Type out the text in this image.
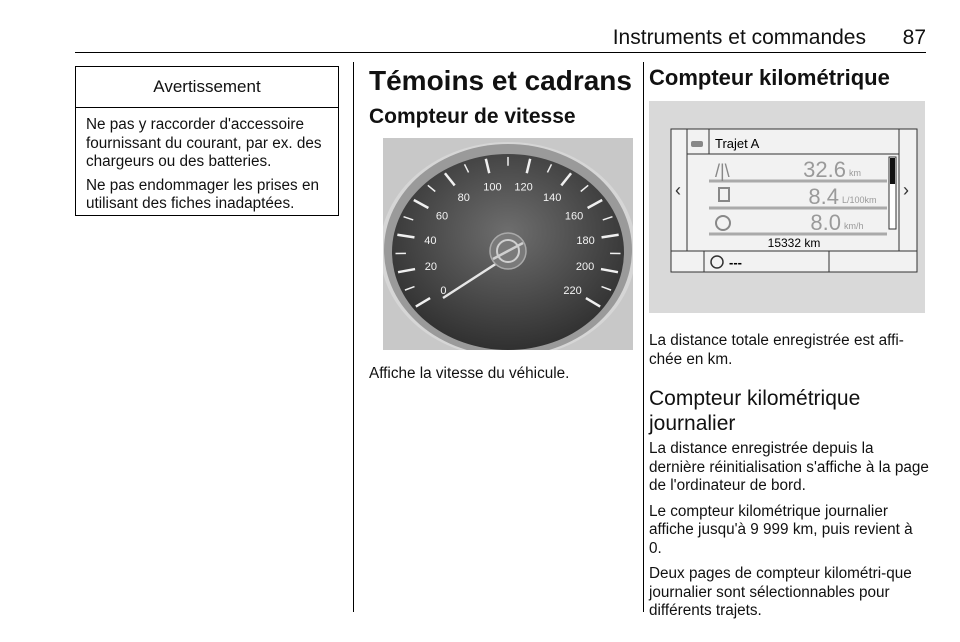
Instruments et commandes 87
Avertissement

Ne pas y raccorder d'accessoire fournissant du courant, par ex. des chargeurs ou des batteries.

Ne pas endommager les prises en utilisant des fiches inadaptées.

Témoins et cadrans
Compteur de vitesse
0
20
40
60
80
100 120
140
160
180
200
220
Affiche la vitesse du véhicule.
Compteur kilométrique
Trajet A
‹	›
/|\	32.6 km
8.4 L/100km
8.0 km/h
15332 km
---

La distance totale enregistrée est affi-chée en km.

Compteur kilométrique
journalier

La distance enregistrée depuis la dernière réinitialisation s'affiche à la page de l'ordinateur de bord.

Le compteur kilométrique journalier affiche jusqu'à 9 999 km, puis revient à 0.

Deux pages de compteur kilométri-que journalier sont sélectionnables pour différents trajets.
